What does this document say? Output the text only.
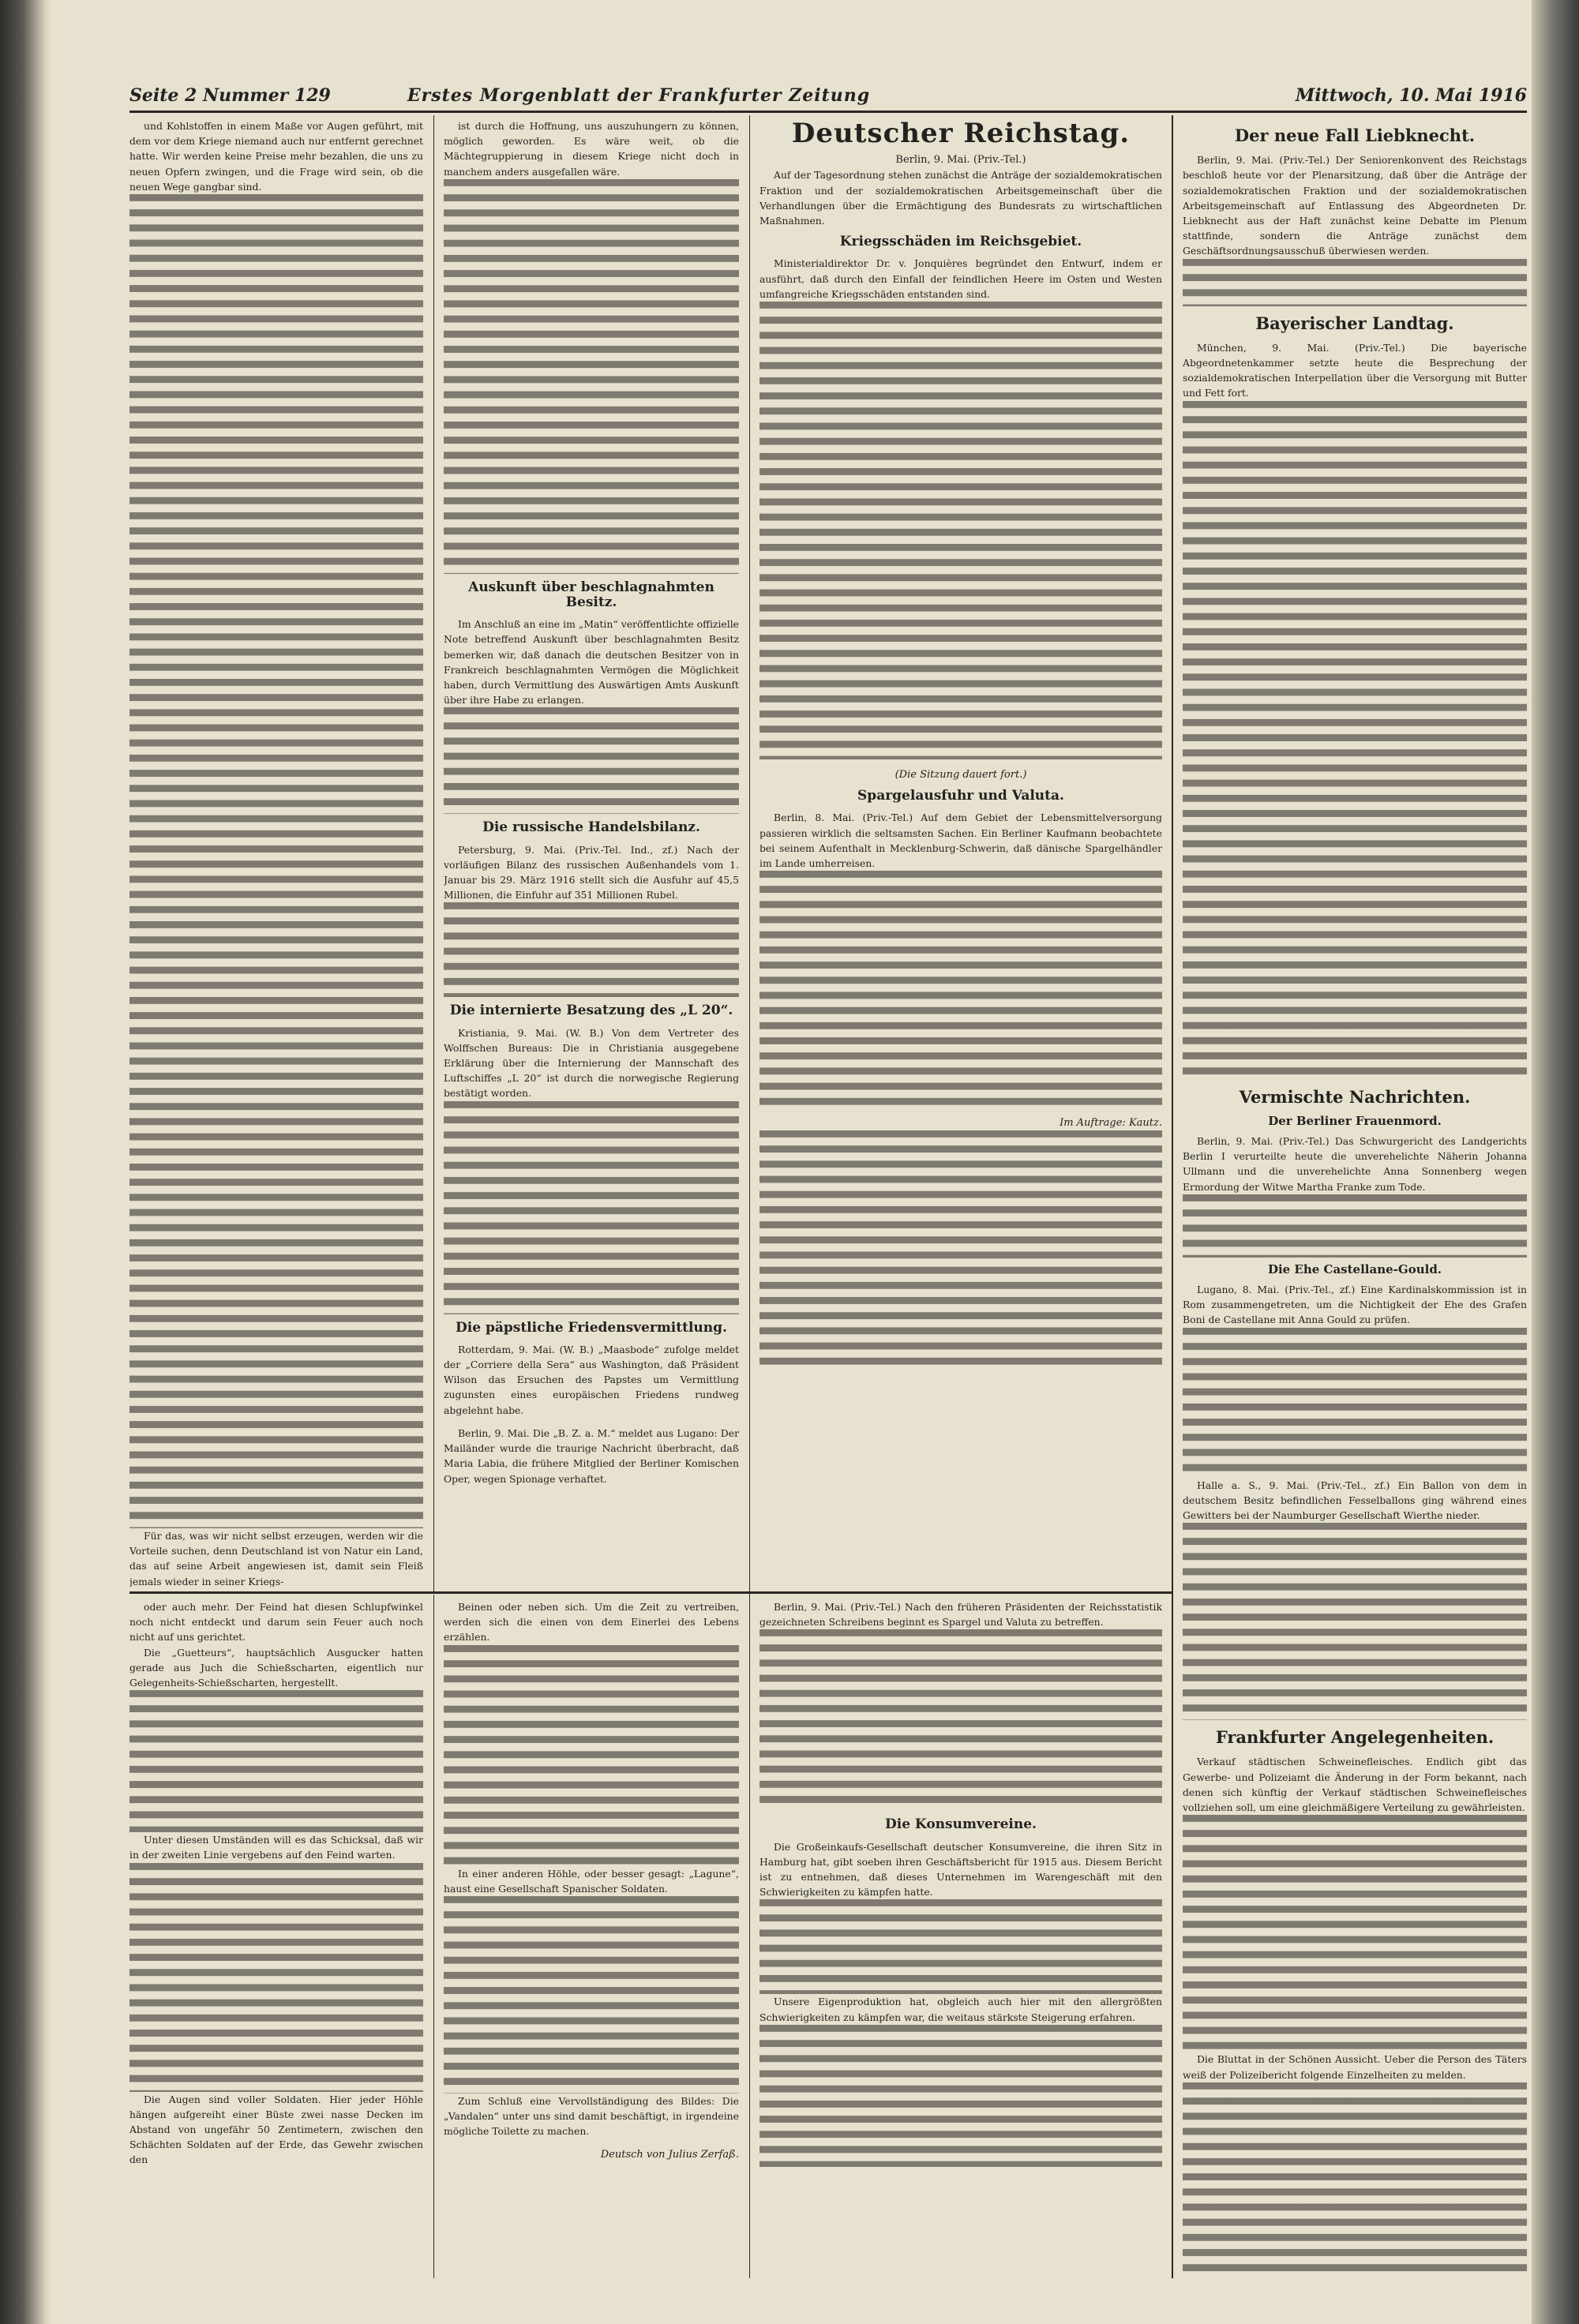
Seite 2 Nummer 129	Erstes Morgenblatt der Frankfurter Zeitung	Mittwoch, 10. Mai 1916

und Kohlstoffen in einem Maße vor Augen geführt, mit dem vor dem Kriege niemand auch nur entfernt gerechnet hatte. Wir werden keine Preise mehr bezahlen, die uns zu neuen Opfern zwingen, und die Frage wird sein, ob die neuen Wege gangbar sind.

Für das, was wir nicht selbst erzeugen, werden wir die Vorteile suchen, denn Deutschland ist von Natur ein Land, das auf seine Arbeit angewiesen ist, damit sein Fleiß jemals wieder in seiner Kriegs-

ist durch die Hoffnung, uns auszuhungern zu können, möglich geworden. Es wäre weit, ob die Mächtegruppierung in diesem Kriege nicht doch in manchem anders ausgefallen wäre.

Auskunft über beschlagnahmten Besitz.

Im Anschluß an eine im „Matin“ veröffentlichte offizielle Note betreffend Auskunft über beschlagnahmten Besitz bemerken wir, daß danach die deutschen Besitzer von in Frankreich beschlagnahmten Vermögen die Möglichkeit haben, durch Vermittlung des Auswärtigen Amts Auskunft über ihre Habe zu erlangen.

Die russische Handelsbilanz.

Petersburg, 9. Mai. (Priv.-Tel. Ind., zf.) Nach der vorläufigen Bilanz des russischen Außenhandels vom 1. Januar bis 29. März 1916 stellt sich die Ausfuhr auf 45,5 Millionen, die Einfuhr auf 351 Millionen Rubel.

Die internierte Besatzung des „L 20“.

Kristiania, 9. Mai. (W. B.) Von dem Vertreter des Wolffschen Bureaus: Die in Christiania ausgegebene Erklärung über die Internierung der Mannschaft des Luftschiffes „L 20“ ist durch die norwegische Regierung bestätigt worden.

Die päpstliche Friedensvermittlung.

Rotterdam, 9. Mai. (W. B.) „Maasbode“ zufolge meldet der „Corriere della Sera“ aus Washington, daß Präsident Wilson das Ersuchen des Papstes um Vermittlung zugunsten eines europäischen Friedens rundweg abgelehnt habe.

Berlin, 9. Mai. Die „B. Z. a. M.“ meldet aus Lugano: Der Mailänder wurde die traurige Nachricht überbracht, daß Maria Labia, die frühere Mitglied der Berliner Komischen Oper, wegen Spionage verhaftet.

Deutscher Reichstag.
Berlin, 9. Mai. (Priv.-Tel.)

Auf der Tagesordnung stehen zunächst die Anträge der sozialdemokratischen Fraktion und der sozialdemokratischen Arbeitsgemeinschaft über die Verhandlungen über die Ermächtigung des Bundesrats zu wirtschaftlichen Maßnahmen.

Kriegsschäden im Reichsgebiet.

Ministerialdirektor Dr. v. Jonquières begründet den Entwurf, indem er ausführt, daß durch den Einfall der feindlichen Heere im Osten und Westen umfangreiche Kriegsschäden entstanden sind.

(Die Sitzung dauert fort.)
Spargelausfuhr und Valuta.

Berlin, 8. Mai. (Priv.-Tel.) Auf dem Gebiet der Lebensmittelversorgung passieren wirklich die seltsamsten Sachen. Ein Berliner Kaufmann beobachtete bei seinem Aufenthalt in Mecklenburg-Schwerin, daß dänische Spargelhändler im Lande umherreisen.

Im Auftrage: Kautz.
Der neue Fall Liebknecht.

Berlin, 9. Mai. (Priv.-Tel.) Der Seniorenkonvent des Reichstags beschloß heute vor der Plenarsitzung, daß über die Anträge der sozialdemokratischen Fraktion und der sozialdemokratischen Arbeitsgemeinschaft auf Entlassung des Abgeordneten Dr. Liebknecht aus der Haft zunächst keine Debatte im Plenum stattfinde, sondern die Anträge zunächst dem Geschäftsordnungsausschuß überwiesen werden.

Bayerischer Landtag.

München, 9. Mai. (Priv.-Tel.) Die bayerische Abgeordnetenkammer setzte heute die Besprechung der sozialdemokratischen Interpellation über die Versorgung mit Butter und Fett fort.

Vermischte Nachrichten.
Der Berliner Frauenmord.

Berlin, 9. Mai. (Priv.-Tel.) Das Schwurgericht des Landgerichts Berlin I verurteilte heute die unverehelichte Näherin Johanna Ullmann und die unverehelichte Anna Sonnenberg wegen Ermordung der Witwe Martha Franke zum Tode.

Die Ehe Castellane-Gould.

Lugano, 8. Mai. (Priv.-Tel., zf.) Eine Kardinalskommission ist in Rom zusammengetreten, um die Nichtigkeit der Ehe des Grafen Boni de Castellane mit Anna Gould zu prüfen.

Halle a. S., 9. Mai. (Priv.-Tel., zf.) Ein Ballon von dem in deutschem Besitz befindlichen Fesselballons ging während eines Gewitters bei der Naumburger Gesellschaft Wierthe nieder.

Frankfurter Angelegenheiten.

Verkauf städtischen Schweinefleisches. Endlich gibt das Gewerbe- und Polizeiamt die Änderung in der Form bekannt, nach denen sich künftig der Verkauf städtischen Schweinefleisches vollziehen soll, um eine gleichmäßigere Verteilung zu gewährleisten.

Die Bluttat in der Schönen Aussicht. Ueber die Person des Täters weiß der Polizeibericht folgende Einzelheiten zu melden.

oder auch mehr. Der Feind hat diesen Schlupfwinkel noch nicht entdeckt und darum sein Feuer auch noch nicht auf uns gerichtet.

Die „Guetteurs“, hauptsächlich Ausgucker hatten gerade aus Juch die Schießscharten, eigentlich nur Gelegenheits-Schießscharten, hergestellt.

Unter diesen Umständen will es das Schicksal, daß wir in der zweiten Linie vergebens auf den Feind warten.

Die Augen sind voller Soldaten. Hier jeder Höhle hängen aufgereiht einer Büste zwei nasse Decken im Abstand von ungefähr 50 Zentimetern, zwischen den Schächten Soldaten auf der Erde, das Gewehr zwischen den

Beinen oder neben sich. Um die Zeit zu vertreiben, werden sich die einen von dem Einerlei des Lebens erzählen.

In einer anderen Höhle, oder besser gesagt: „Lagune“, haust eine Gesellschaft Spanischer Soldaten.

Zum Schluß eine Vervollständigung des Bildes: Die „Vandalen“ unter uns sind damit beschäftigt, in irgendeine mögliche Toilette zu machen.

Deutsch von Julius Zerfaß.

Berlin, 9. Mai. (Priv.-Tel.) Nach den früheren Präsidenten der Reichsstatistik gezeichneten Schreibens beginnt es Spargel und Valuta zu betreffen.

Die Konsumvereine.

Die Großeinkaufs-Gesellschaft deutscher Konsumvereine, die ihren Sitz in Hamburg hat, gibt soeben ihren Geschäftsbericht für 1915 aus. Diesem Bericht ist zu entnehmen, daß dieses Unternehmen im Warengeschäft mit den Schwierigkeiten zu kämpfen hatte.

Unsere Eigenproduktion hat, obgleich auch hier mit den allergrößten Schwierigkeiten zu kämpfen war, die weitaus stärkste Steigerung erfahren.
